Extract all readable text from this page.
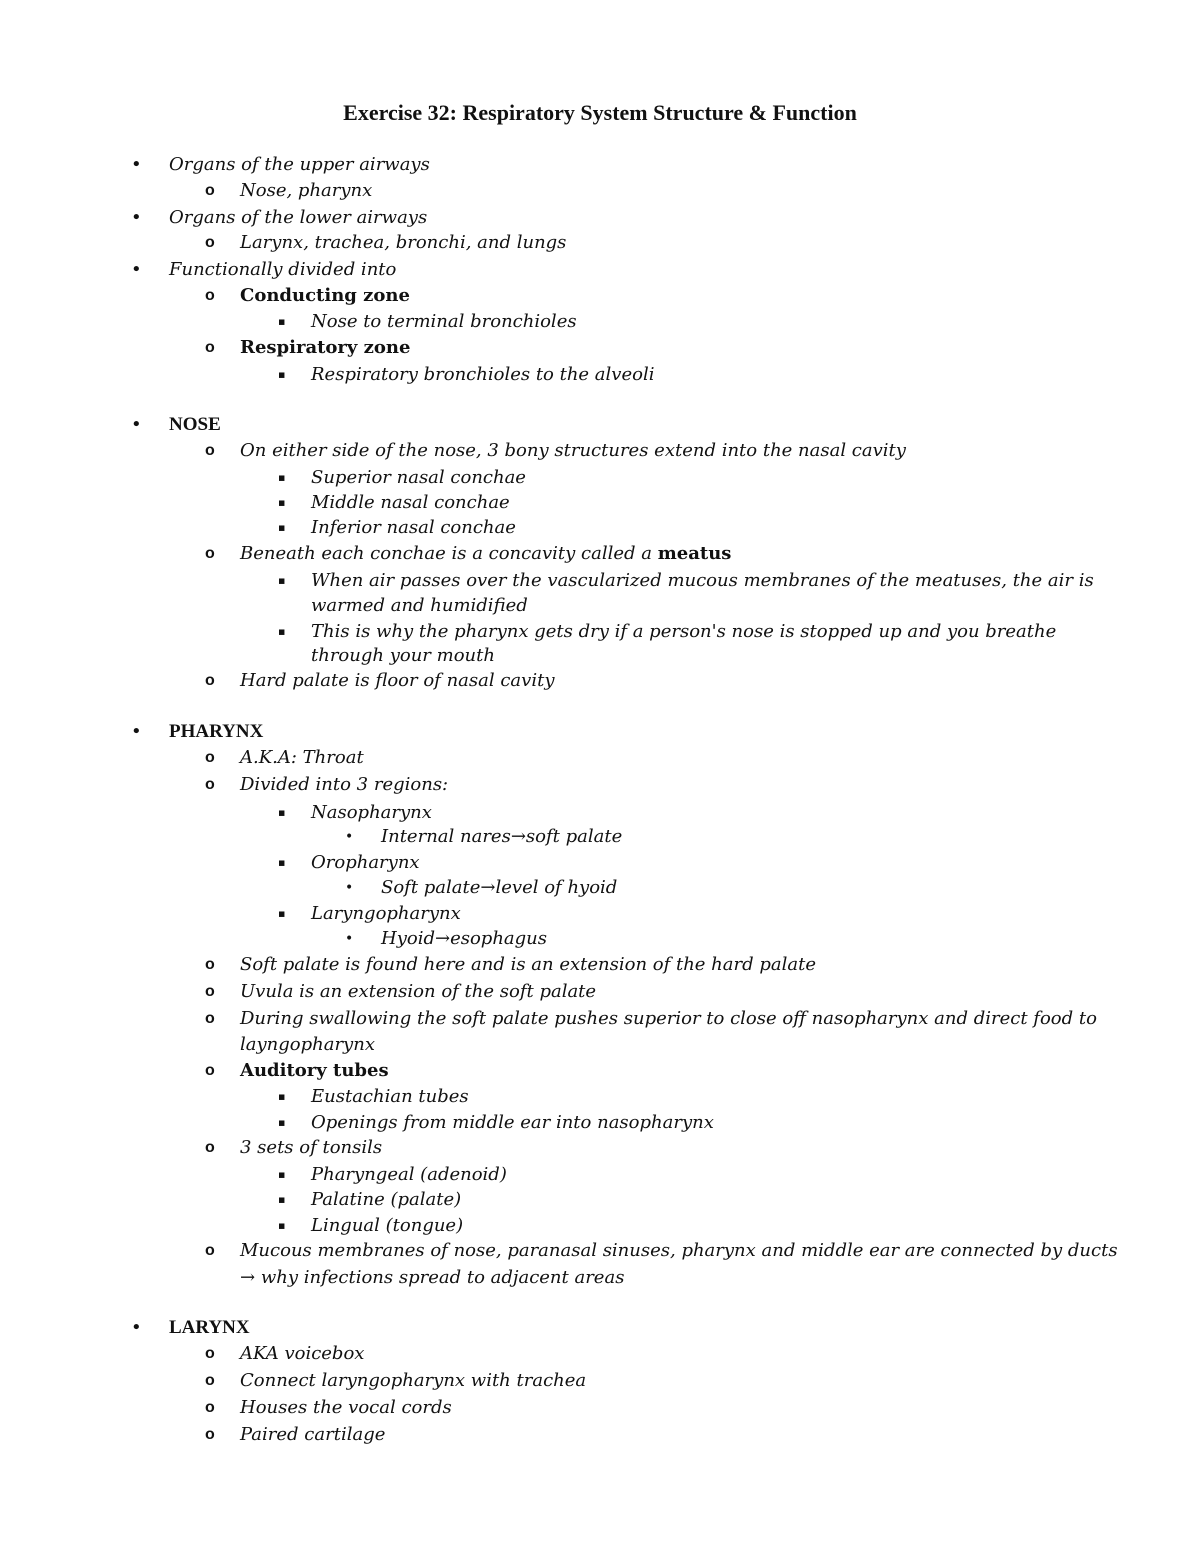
Exercise 32: Respiratory System Structure & Function
• Organs of the upper airways
o Nose, pharynx
• Organs of the lower airways
o Larynx, trachea, bronchi, and lungs
• Functionally divided into
o Conducting zone
▪ Nose to terminal bronchioles
o Respiratory zone
▪ Respiratory bronchioles to the alveoli
• NOSE
o On either side of the nose, 3 bony structures extend into the nasal cavity
▪ Superior nasal conchae
▪ Middle nasal conchae
▪ Inferior nasal conchae
o Beneath each conchae is a concavity called a meatus
▪ When air passes over the vascularized mucous membranes of the meatuses, the air is
warmed and humidified
▪ This is why the pharynx gets dry if a person's nose is stopped up and you breathe
through your mouth
o Hard palate is floor of nasal cavity
• PHARYNX
o A.K.A: Throat
o Divided into 3 regions:
▪ Nasopharynx
• Internal nares→soft palate
▪ Oropharynx
• Soft palate→level of hyoid
▪ Laryngopharynx
• Hyoid→esophagus
o Soft palate is found here and is an extension of the hard palate
o Uvula is an extension of the soft palate
o During swallowing the soft palate pushes superior to close off nasopharynx and direct food to
layngopharynx
o Auditory tubes
▪ Eustachian tubes
▪ Openings from middle ear into nasopharynx
o 3 sets of tonsils
▪ Pharyngeal (adenoid)
▪ Palatine (palate)
▪ Lingual (tongue)
o Mucous membranes of nose, paranasal sinuses, pharynx and middle ear are connected by ducts
→ why infections spread to adjacent areas
• LARYNX
o AKA voicebox
o Connect laryngopharynx with trachea
o Houses the vocal cords
o Paired cartilage
